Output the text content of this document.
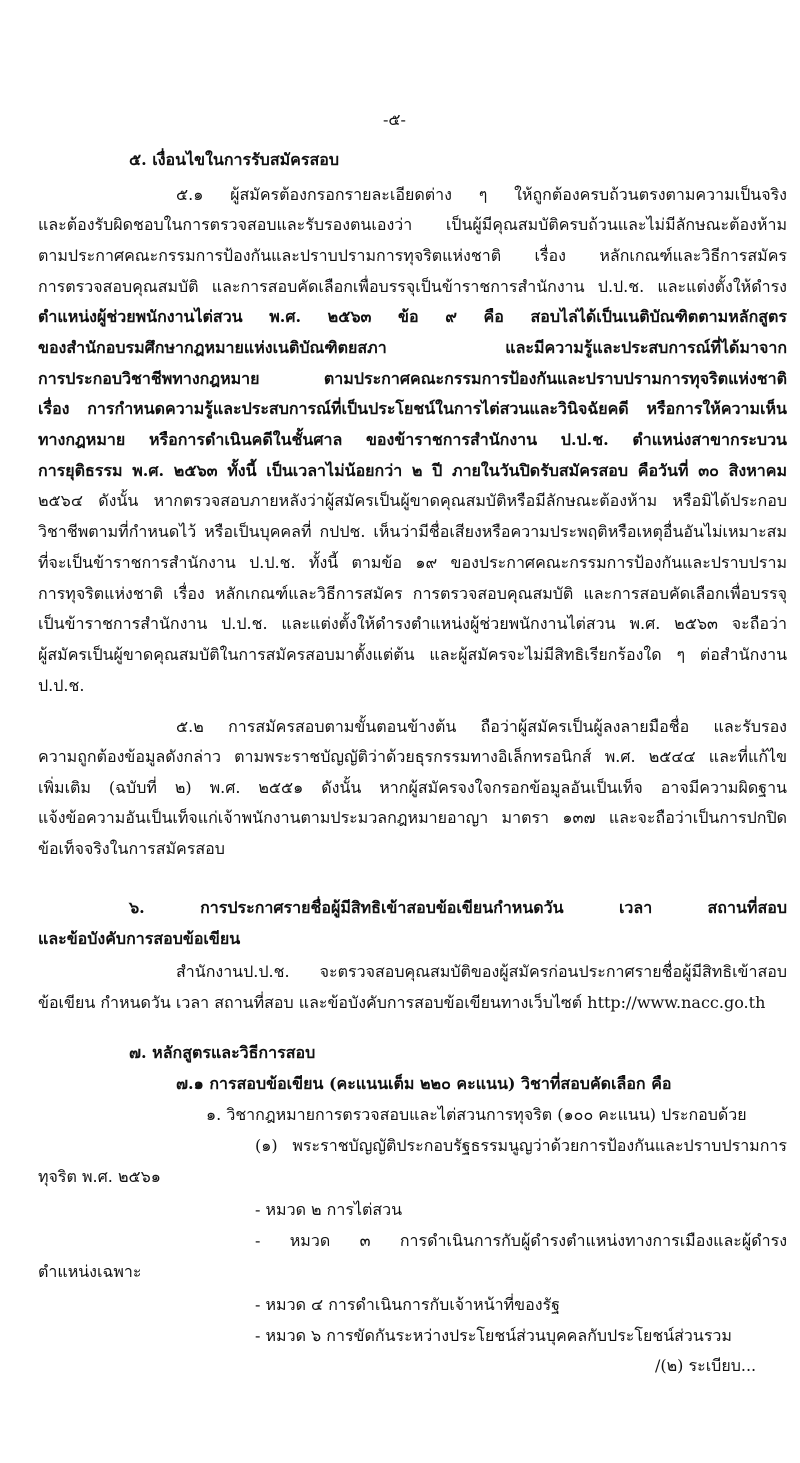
-๕-
๕. เงื่อนไขในการรับสมัครสอบ
๕.๑ ผู้สมัครต้องกรอกรายละเอียดต่าง ๆ ให้ถูกต้องครบถ้วนตรงตามความเป็นจริง
และต้องรับผิดชอบในการตรวจสอบและรับรองตนเองว่า เป็นผู้มีคุณสมบัติครบถ้วนและไม่มีลักษณะต้องห้าม
ตามประกาศคณะกรรมการป้องกันและปราบปรามการทุจริตแห่งชาติ เรื่อง หลักเกณฑ์และวิธีการสมัคร
การตรวจสอบคุณสมบัติ และการสอบคัดเลือกเพื่อบรรจุเป็นข้าราชการสำนักงาน ป.ป.ช. และแต่งตั้งให้ดำรง
ตำแหน่งผู้ช่วยพนักงานไต่สวน พ.ศ. ๒๕๖๓ ข้อ ๙ คือ สอบไล่ได้เป็นเนติบัณฑิตตามหลักสูตร
ของสำนักอบรมศึกษากฎหมายแห่งเนติบัณฑิตยสภา และมีความรู้และประสบการณ์ที่ได้มาจาก
การประกอบวิชาชีพทางกฎหมาย ตามประกาศคณะกรรมการป้องกันและปราบปรามการทุจริตแห่งชาติ
เรื่อง การกำหนดความรู้และประสบการณ์ที่เป็นประโยชน์ในการไต่สวนและวินิจฉัยคดี หรือการให้ความเห็น
ทางกฎหมาย หรือการดำเนินคดีในชั้นศาล ของข้าราชการสำนักงาน ป.ป.ช. ตำแหน่งสาขากระบวน
การยุติธรรม พ.ศ. ๒๕๖๓ ทั้งนี้ เป็นเวลาไม่น้อยกว่า ๒ ปี ภายในวันปิดรับสมัครสอบ คือวันที่ ๓๐ สิงหาคม
๒๕๖๔ ดังนั้น หากตรวจสอบภายหลังว่าผู้สมัครเป็นผู้ขาดคุณสมบัติหรือมีลักษณะต้องห้าม หรือมิได้ประกอบ
วิชาชีพตามที่กำหนดไว้ หรือเป็นบุคคลที่ กปปช. เห็นว่ามีชื่อเสียงหรือความประพฤติหรือเหตุอื่นอันไม่เหมาะสม
ที่จะเป็นข้าราชการสำนักงาน ป.ป.ช. ทั้งนี้ ตามข้อ ๑๙ ของประกาศคณะกรรมการป้องกันและปราบปราม
การทุจริตแห่งชาติ เรื่อง หลักเกณฑ์และวิธีการสมัคร การตรวจสอบคุณสมบัติ และการสอบคัดเลือกเพื่อบรรจุ
เป็นข้าราชการสำนักงาน ป.ป.ช. และแต่งตั้งให้ดำรงตำแหน่งผู้ช่วยพนักงานไต่สวน พ.ศ. ๒๕๖๓ จะถือว่า
ผู้สมัครเป็นผู้ขาดคุณสมบัติในการสมัครสอบมาตั้งแต่ต้น และผู้สมัครจะไม่มีสิทธิเรียกร้องใด ๆ ต่อสำนักงาน
ป.ป.ช.
๕.๒ การสมัครสอบตามขั้นตอนข้างต้น ถือว่าผู้สมัครเป็นผู้ลงลายมือชื่อ และรับรอง
ความถูกต้องข้อมูลดังกล่าว ตามพระราชบัญญัติว่าด้วยธุรกรรมทางอิเล็กทรอนิกส์ พ.ศ. ๒๕๔๔ และที่แก้ไข
เพิ่มเติม (ฉบับที่ ๒) พ.ศ. ๒๕๕๑ ดังนั้น หากผู้สมัครจงใจกรอกข้อมูลอันเป็นเท็จ อาจมีความผิดฐาน
แจ้งข้อความอันเป็นเท็จแก่เจ้าพนักงานตามประมวลกฎหมายอาญา มาตรา ๑๓๗ และจะถือว่าเป็นการปกปิด
ข้อเท็จจริงในการสมัครสอบ
๖. การประกาศรายชื่อผู้มีสิทธิเข้าสอบข้อเขียนกำหนดวัน เวลา สถานที่สอบ
และข้อบังคับการสอบข้อเขียน
สำนักงานป.ป.ช. จะตรวจสอบคุณสมบัติของผู้สมัครก่อนประกาศรายชื่อผู้มีสิทธิเข้าสอบ
ข้อเขียน กำหนดวัน เวลา สถานที่สอบ และข้อบังคับการสอบข้อเขียนทางเว็บไซต์ http://www.nacc.go.th
๗. หลักสูตรและวิธีการสอบ
๗.๑ การสอบข้อเขียน (คะแนนเต็ม ๒๒๐ คะแนน) วิชาที่สอบคัดเลือก คือ
๑. วิชากฎหมายการตรวจสอบและไต่สวนการทุจริต (๑๐๐ คะแนน) ประกอบด้วย
(๑) พระราชบัญญัติประกอบรัฐธรรมนูญว่าด้วยการป้องกันและปราบปรามการ
ทุจริต พ.ศ. ๒๕๖๑
- หมวด ๒ การไต่สวน
- หมวด ๓ การดำเนินการกับผู้ดำรงตำแหน่งทางการเมืองและผู้ดำรง
ตำแหน่งเฉพาะ
- หมวด ๔ การดำเนินการกับเจ้าหน้าที่ของรัฐ
- หมวด ๖ การขัดกันระหว่างประโยชน์ส่วนบุคคลกับประโยชน์ส่วนรวม
/(๒) ระเบียบ...
